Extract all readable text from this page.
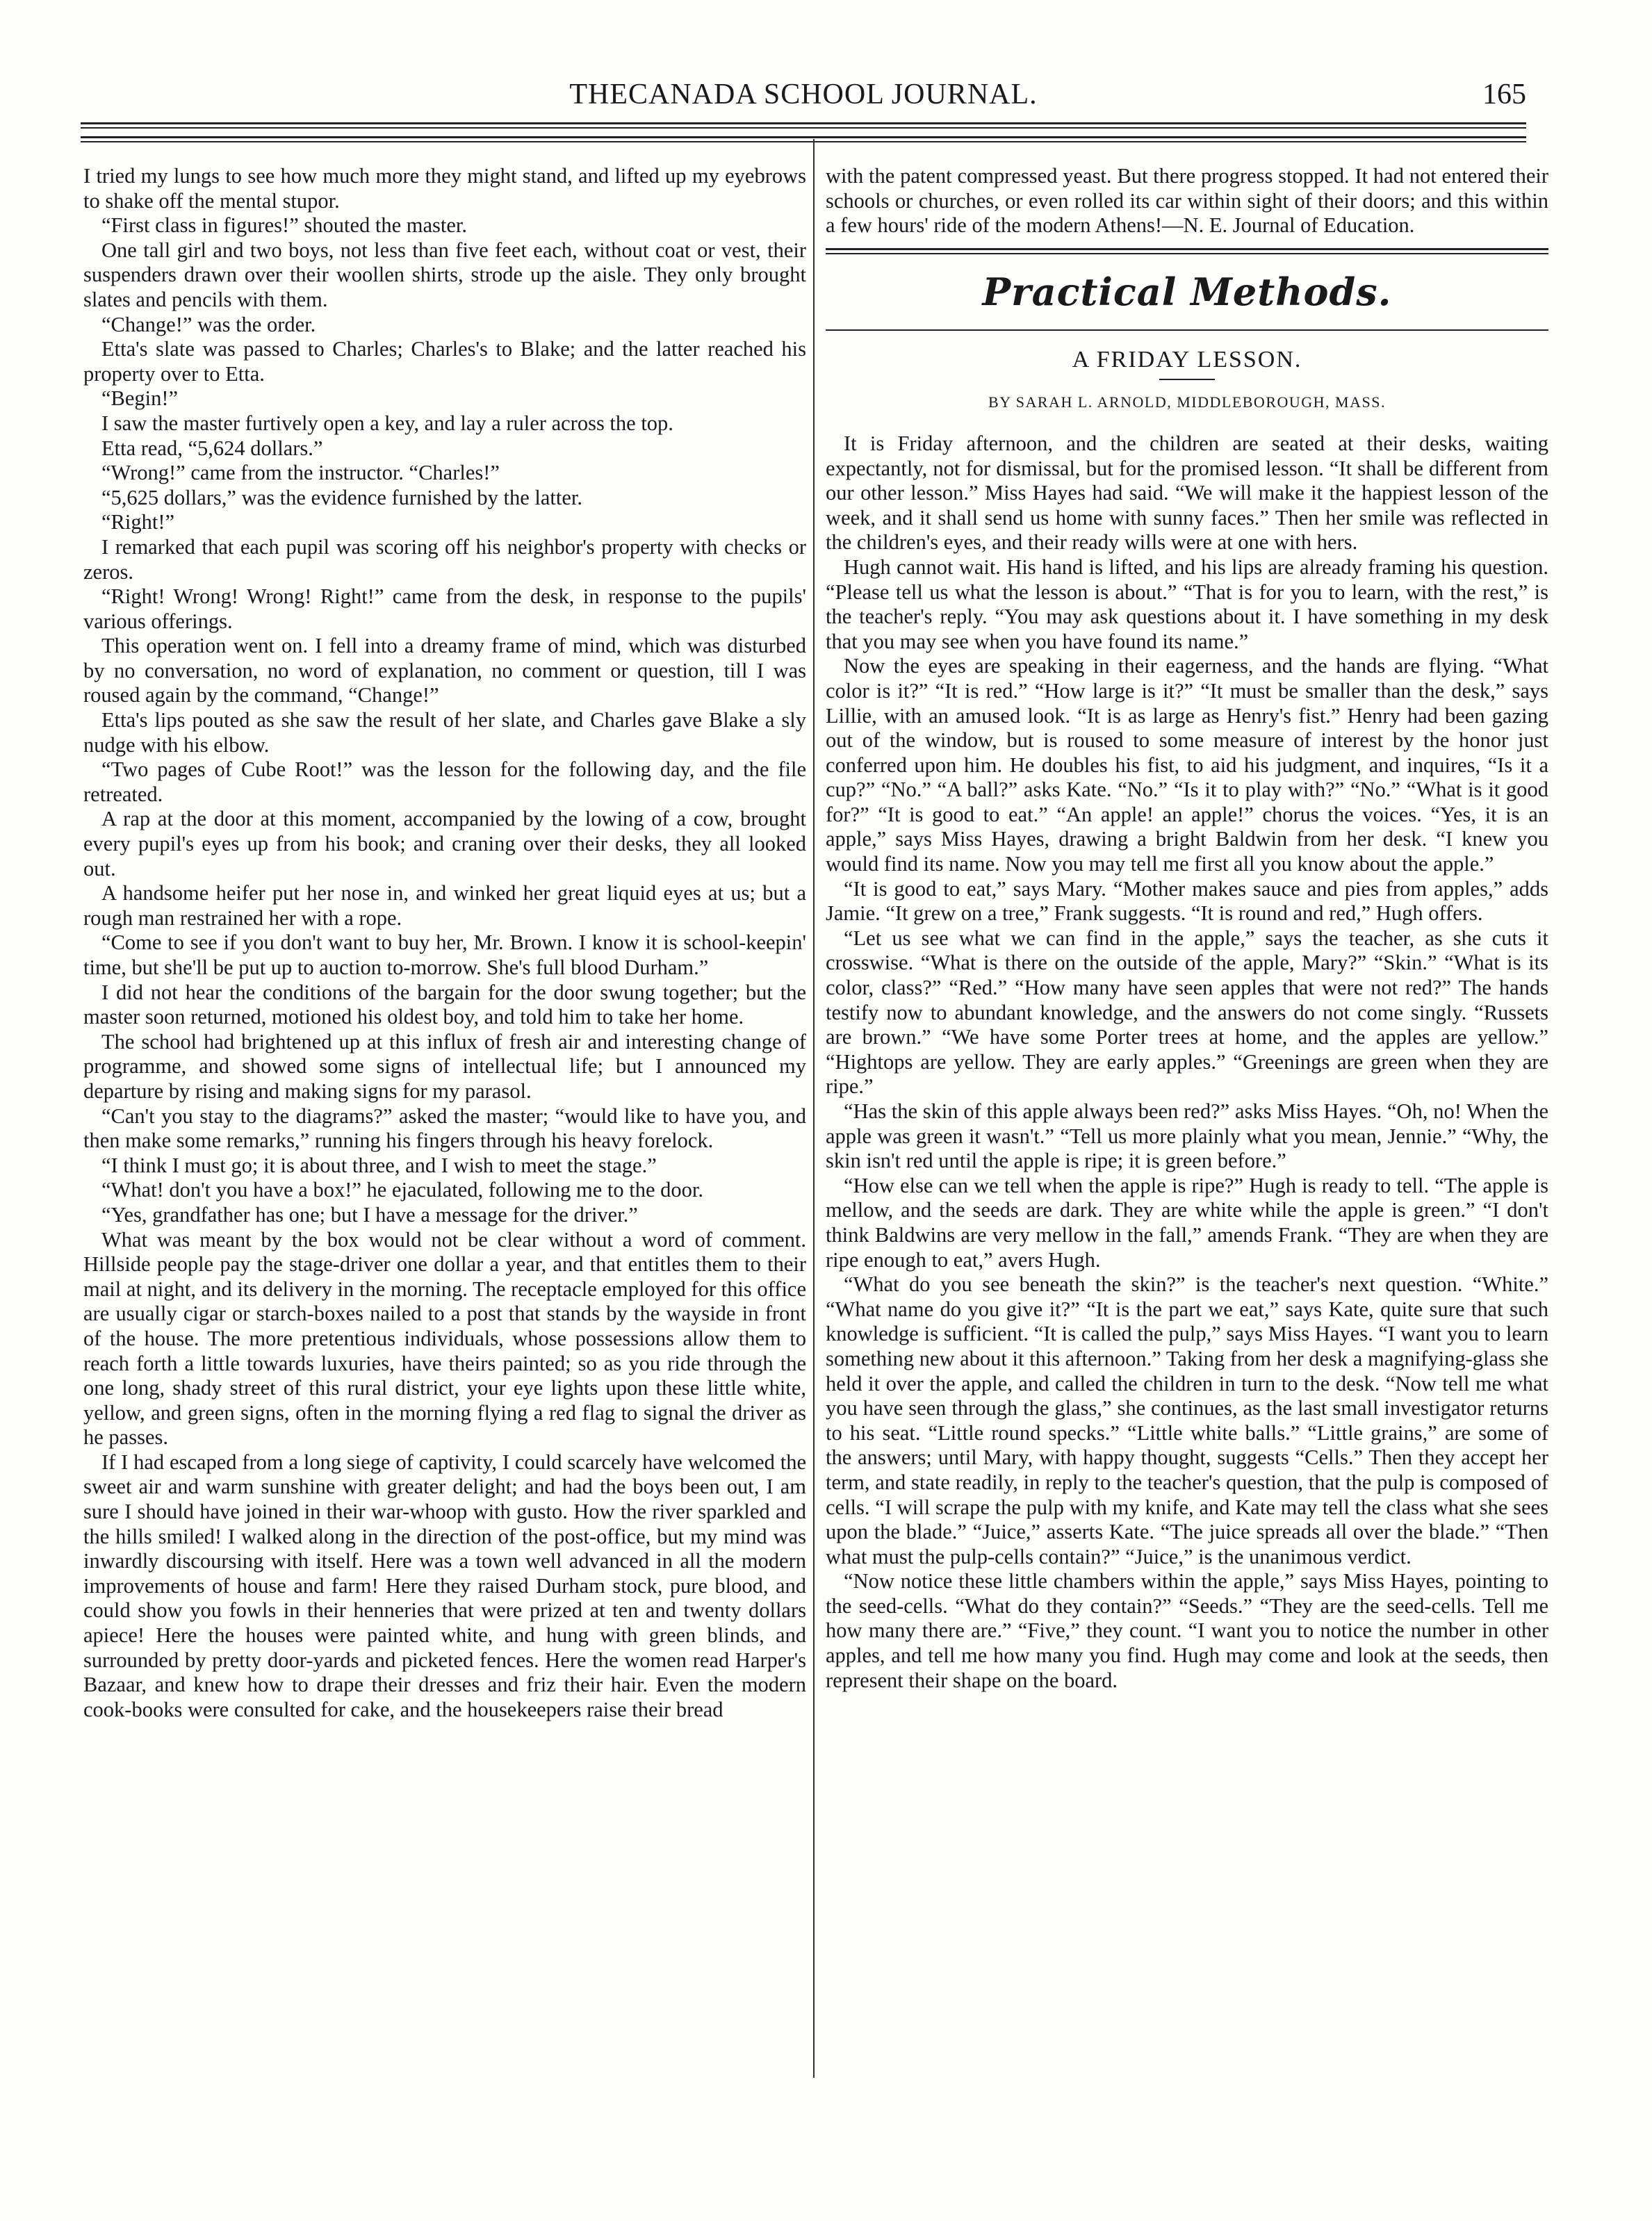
THECANADA SCHOOL JOURNAL.	165

I tried my lungs to see how much more they might stand, and lifted up my eyebrows to shake off the mental stupor.

“First class in figures!” shouted the master.

One tall girl and two boys, not less than five feet each, without coat or vest, their suspenders drawn over their woollen shirts, strode up the aisle. They only brought slates and pencils with them.

“Change!” was the order.

Etta's slate was passed to Charles; Charles's to Blake; and the latter reached his property over to Etta.

“Begin!”

I saw the master furtively open a key, and lay a ruler across the top.

Etta read, “5,624 dollars.”

“Wrong!” came from the instructor. “Charles!”

“5,625 dollars,” was the evidence furnished by the latter.

“Right!”

I remarked that each pupil was scoring off his neighbor's property with checks or zeros.

“Right! Wrong! Wrong! Right!” came from the desk, in response to the pupils' various offerings.

This operation went on. I fell into a dreamy frame of mind, which was disturbed by no conversation, no word of explanation, no comment or question, till I was roused again by the command, “Change!”

Etta's lips pouted as she saw the result of her slate, and Charles gave Blake a sly nudge with his elbow.

“Two pages of Cube Root!” was the lesson for the following day, and the file retreated.

A rap at the door at this moment, accompanied by the lowing of a cow, brought every pupil's eyes up from his book; and craning over their desks, they all looked out.

A handsome heifer put her nose in, and winked her great liquid eyes at us; but a rough man restrained her with a rope.

“Come to see if you don't want to buy her, Mr. Brown. I know it is school-keepin' time, but she'll be put up to auction to-morrow. She's full blood Durham.”

I did not hear the conditions of the bargain for the door swung together; but the master soon returned, motioned his oldest boy, and told him to take her home.

The school had brightened up at this influx of fresh air and interesting change of programme, and showed some signs of intellectual life; but I announced my departure by rising and making signs for my parasol.

“Can't you stay to the diagrams?” asked the master; “would like to have you, and then make some remarks,” running his fingers through his heavy forelock.

“I think I must go; it is about three, and I wish to meet the stage.”

“What! don't you have a box!” he ejaculated, following me to the door.

“Yes, grandfather has one; but I have a message for the driver.”

What was meant by the box would not be clear without a word of comment. Hillside people pay the stage-driver one dollar a year, and that entitles them to their mail at night, and its delivery in the morning. The receptacle employed for this office are usually cigar or starch-boxes nailed to a post that stands by the wayside in front of the house. The more pretentious individuals, whose possessions allow them to reach forth a little towards luxuries, have theirs painted; so as you ride through the one long, shady street of this rural district, your eye lights upon these little white, yellow, and green signs, often in the morning flying a red flag to signal the driver as he passes.

If I had escaped from a long siege of captivity, I could scarcely have welcomed the sweet air and warm sunshine with greater delight; and had the boys been out, I am sure I should have joined in their war-whoop with gusto. How the river sparkled and the hills smiled! I walked along in the direction of the post-office, but my mind was inwardly discoursing with itself. Here was a town well advanced in all the modern improvements of house and farm! Here they raised Durham stock, pure blood, and could show you fowls in their henneries that were prized at ten and twenty dollars apiece! Here the houses were painted white, and hung with green blinds, and surrounded by pretty door-yards and picketed fences. Here the women read Harper's Bazaar, and knew how to drape their dresses and friz their hair. Even the modern cook-books were consulted for cake, and the housekeepers raise their bread

with the patent compressed yeast. But there progress stopped. It had not entered their schools or churches, or even rolled its car within sight of their doors; and this within a few hours' ride of the modern Athens!—N. E. Journal of Education.

Practical Methods.
A FRIDAY LESSON.
BY SARAH L. ARNOLD, MIDDLEBOROUGH, MASS.

It is Friday afternoon, and the children are seated at their desks, waiting expectantly, not for dismissal, but for the promised lesson. “It shall be different from our other lesson.” Miss Hayes had said. “We will make it the happiest lesson of the week, and it shall send us home with sunny faces.” Then her smile was reflected in the children's eyes, and their ready wills were at one with hers.

Hugh cannot wait. His hand is lifted, and his lips are already framing his question. “Please tell us what the lesson is about.” “That is for you to learn, with the rest,” is the teacher's reply. “You may ask questions about it. I have something in my desk that you may see when you have found its name.”

Now the eyes are speaking in their eagerness, and the hands are flying. “What color is it?” “It is red.” “How large is it?” “It must be smaller than the desk,” says Lillie, with an amused look. “It is as large as Henry's fist.” Henry had been gazing out of the window, but is roused to some measure of interest by the honor just conferred upon him. He doubles his fist, to aid his judgment, and inquires, “Is it a cup?” “No.” “A ball?” asks Kate. “No.” “Is it to play with?” “No.” “What is it good for?” “It is good to eat.” “An apple! an apple!” chorus the voices. “Yes, it is an apple,” says Miss Hayes, drawing a bright Baldwin from her desk. “I knew you would find its name. Now you may tell me first all you know about the apple.”

“It is good to eat,” says Mary. “Mother makes sauce and pies from apples,” adds Jamie. “It grew on a tree,” Frank suggests. “It is round and red,” Hugh offers.

“Let us see what we can find in the apple,” says the teacher, as she cuts it crosswise. “What is there on the outside of the apple, Mary?” “Skin.” “What is its color, class?” “Red.” “How many have seen apples that were not red?” The hands testify now to abundant knowledge, and the answers do not come singly. “Russets are brown.” “We have some Porter trees at home, and the apples are yellow.” “Hightops are yellow. They are early apples.” “Greenings are green when they are ripe.”

“Has the skin of this apple always been red?” asks Miss Hayes. “Oh, no! When the apple was green it wasn't.” “Tell us more plainly what you mean, Jennie.” “Why, the skin isn't red until the apple is ripe; it is green before.”

“How else can we tell when the apple is ripe?” Hugh is ready to tell. “The apple is mellow, and the seeds are dark. They are white while the apple is green.” “I don't think Baldwins are very mellow in the fall,” amends Frank. “They are when they are ripe enough to eat,” avers Hugh.

“What do you see beneath the skin?” is the teacher's next question. “White.” “What name do you give it?” “It is the part we eat,” says Kate, quite sure that such knowledge is sufficient. “It is called the pulp,” says Miss Hayes. “I want you to learn something new about it this afternoon.” Taking from her desk a magnifying-glass she held it over the apple, and called the children in turn to the desk. “Now tell me what you have seen through the glass,” she continues, as the last small investigator returns to his seat. “Little round specks.” “Little white balls.” “Little grains,” are some of the answers; until Mary, with happy thought, suggests “Cells.” Then they accept her term, and state readily, in reply to the teacher's question, that the pulp is composed of cells. “I will scrape the pulp with my knife, and Kate may tell the class what she sees upon the blade.” “Juice,” asserts Kate. “The juice spreads all over the blade.” “Then what must the pulp-cells contain?” “Juice,” is the unanimous verdict.

“Now notice these little chambers within the apple,” says Miss Hayes, pointing to the seed-cells. “What do they contain?” “Seeds.” “They are the seed-cells. Tell me how many there are.” “Five,” they count. “I want you to notice the number in other apples, and tell me how many you find. Hugh may come and look at the seeds, then represent their shape on the board.
